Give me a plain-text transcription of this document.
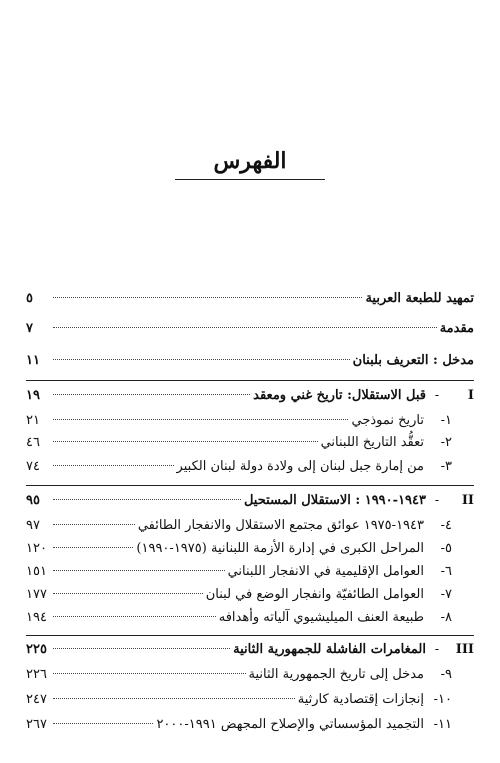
الفهرس
تمهيد للطبعة العربية
٥
مقدمة
٧
مدخل : التعريف بلبنان
١١
I
-
قبل الاستقلال: تاريخ غني ومعقد
١٩
١-
تاريخ نموذجي
٢١
٢-
تعقُّد التاريخ اللبناني
٤٦
٣-
من إمارة جبل لبنان إلى ولادة دولة لبنان الكبير
٧٤
II
-
١٩٤٣-١٩٩٠ : الاستقلال المستحيل
٩٥
٤-
١٩٤٣-١٩٧٥ عوائق مجتمع الاستقلال والانفجار الطائفي
٩٧
٥-
المراحل الكبرى في إدارة الأزمة اللبنانية (١٩٧٥-١٩٩٠)
١٢٠
٦-
العوامل الإقليمية في الانفجار اللبناني
١٥١
٧-
العوامل الطائفيّة وانفجار الوضع في لبنان
١٧٧
٨-
طبيعة العنف الميليشيوي آلياته وأهدافه
١٩٤
III
-
المغامرات الفاشلة للجمهورية الثانية
٢٢٥
٩-
مدخل إلى تاريخ الجمهورية الثانية
٢٢٦
١٠-
إنجازات إقتصادية كارثية
٢٤٧
١١-
التجميد المؤسساتي والإصلاح المجهض ١٩٩١-٢٠٠٠
٢٦٧
